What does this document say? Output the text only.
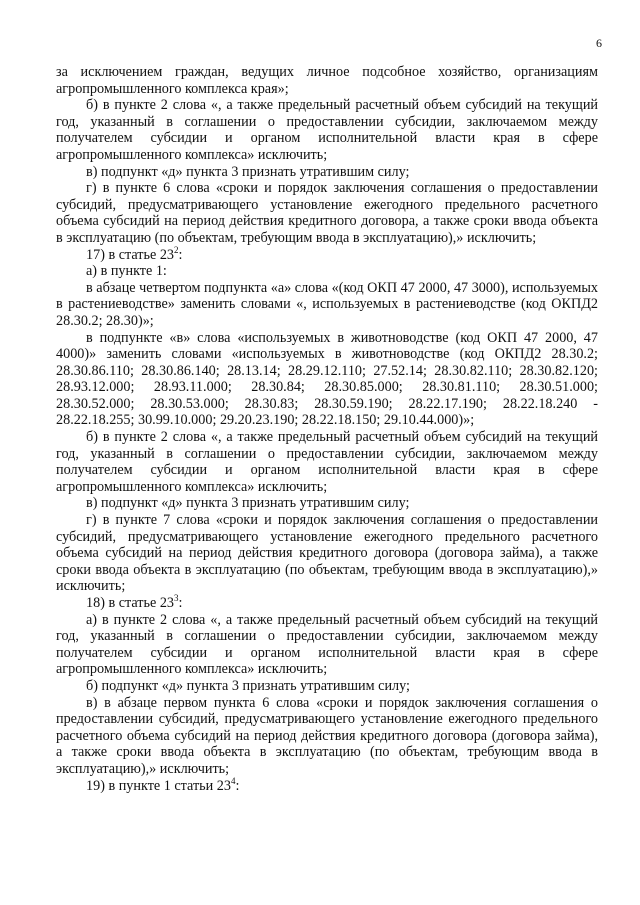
6

за исключением граждан, ведущих личное подсобное хозяйство, организациям агропромышленного комплекса края»;

б) в пункте 2 слова «, а также предельный расчетный объем субсидий на текущий год, указанный в соглашении о предоставлении субсидии, заключаемом между получателем субсидии и органом исполнительной власти края в сфере агропромышленного комплекса» исключить;

в) подпункт «д» пункта 3 признать утратившим силу;

г) в пункте 6 слова «сроки и порядок заключения соглашения о предоставлении субсидий, предусматривающего установление ежегодного предельного расчетного объема субсидий на период действия кредитного договора, а также сроки ввода объекта в эксплуатацию (по объектам, требующим ввода в эксплуатацию),» исключить;

17) в статье $23^2$:

а) в пункте 1:

в абзаце четвертом подпункта «а» слова «(код ОКП 47 2000, 47 3000), используемых в растениеводстве» заменить словами «, используемых в растениеводстве (код ОКПД2 28.30.2; 28.30)»;

в подпункте «в» слова «используемых в животноводстве (код ОКП 47 2000, 47 4000)» заменить словами «используемых в животноводстве (код ОКПД2 28.30.2; 28.30.86.110; 28.30.86.140; 28.13.14; 28.29.12.110; 27.52.14; 28.30.82.110; 28.30.82.120; 28.93.12.000; 28.93.11.000; 28.30.84; 28.30.85.000; 28.30.81.110; 28.30.51.000; 28.30.52.000; 28.30.53.000; 28.30.83; 28.30.59.190; 28.22.17.190; 28.22.18.240 - 28.22.18.255; 30.99.10.000; 29.20.23.190; 28.22.18.150; 29.10.44.000)»;

б) в пункте 2 слова «, а также предельный расчетный объем субсидий на текущий год, указанный в соглашении о предоставлении субсидии, заключаемом между получателем субсидии и органом исполнительной власти края в сфере агропромышленного комплекса» исключить;

в) подпункт «д» пункта 3 признать утратившим силу;

г) в пункте 7 слова «сроки и порядок заключения соглашения о предоставлении субсидий, предусматривающего установление ежегодного предельного расчетного объема субсидий на период действия кредитного договора (договора займа), а также сроки ввода объекта в эксплуатацию (по объектам, требующим ввода в эксплуатацию),» исключить;

18) в статье $23^3$:

а) в пункте 2 слова «, а также предельный расчетный объем субсидий на текущий год, указанный в соглашении о предоставлении субсидии, заключаемом между получателем субсидии и органом исполнительной власти края в сфере агропромышленного комплекса» исключить;

б) подпункт «д» пункта 3 признать утратившим силу;

в) в абзаце первом пункта 6 слова «сроки и порядок заключения соглашения о предоставлении субсидий, предусматривающего установление ежегодного предельного расчетного объема субсидий на период действия кредитного договора (договора займа), а также сроки ввода объекта в эксплуатацию (по объектам, требующим ввода в эксплуатацию),» исключить;

19) в пункте 1 статьи $23^4$:
